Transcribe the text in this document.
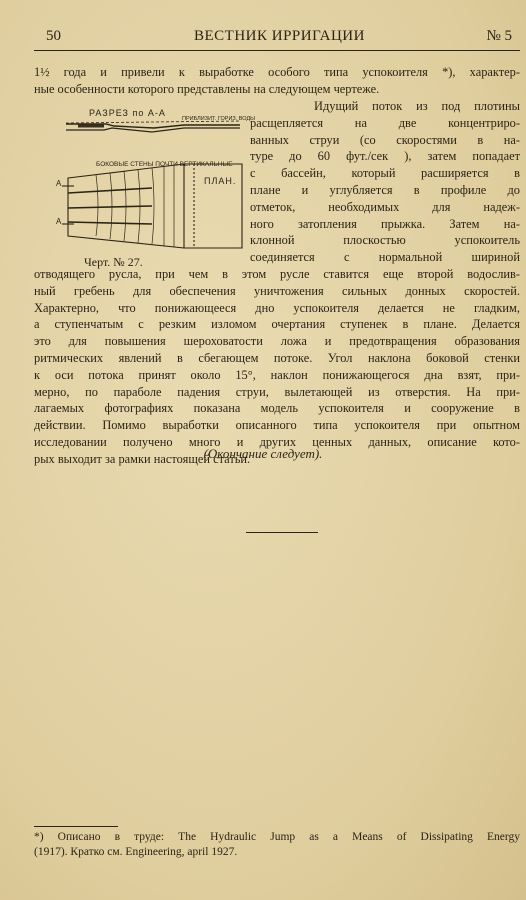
50	ВЕСТНИК ИРРИГАЦИИ	№ 5
1½ года и привели к выработке особого типа успокоителя *), характер-
ные особенности которого представлены на следующем чертеже.
РАЗРЕЗ по А-А
ПРИБЛИЗИТ. ГОРИЗ. ВОДЫ
БОКОВЫЕ СТЕНЫ ПОЧТИ ВЕРТИКАЛЬНЫЕ
ПЛАН.
А
А
Черт. № 27.
Идущий поток из под плотины
расщепляется на две концентриро-
ванных струи (со скоростями в на-
туре до 60 фут./сек ), затем попадает
с бассейн, который расширяется в
плане и углубляется в профиле до
отметок, необходимых для надеж-
ного затопления прыжка. Затем на-
клонной плоскостью успокоитель
соединяется с нормальной шириной
отводящего русла, при чем в этом русле ставится еще второй водослив-
ный гребень для обеспечения уничтожения сильных донных скоростей.
Характерно, что понижающееся дно успокоителя делается не гладким,
а ступенчатым с резким изломом очертания ступенек в плане. Делается
это для повышения шероховатости ложа и предотвращения образования
ритмических явлений в сбегающем потоке. Угол наклона боковой стенки
к оси потока принят около 15°, наклон понижающегося дна взят, при-
мерно, по параболе падения струи, вылетающей из отверстия. На при-
лагаемых фотографиях показана модель успокоителя и сооружение в
действии. Помимо выработки описанного типа успокоителя при опытном
исследовании получено много и других ценных данных, описание кото-
рых выходит за рамки настоящей статьи.
(Окончание следует).
*) Описано в труде: The Hydraulic Jump as a Means of Dissipating Energy
(1917). Кратко см. Engineering, april 1927.
